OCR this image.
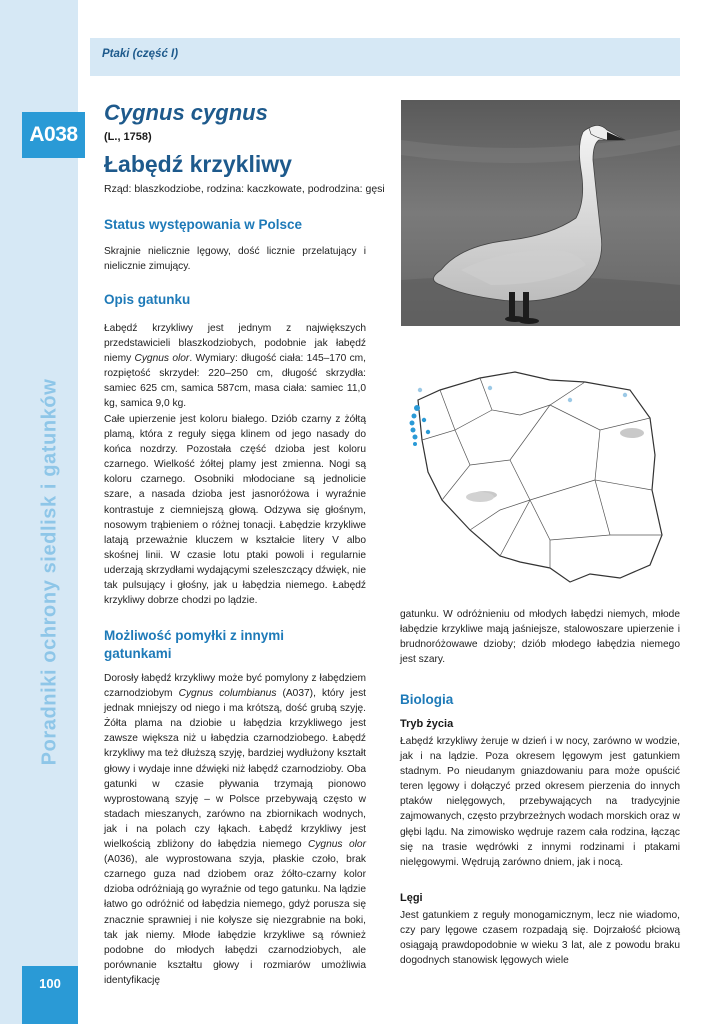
Ptaki (część I)
A038
Poradniki ochrony siedlisk i gatunków
100
Cygnus cygnus
(L., 1758)
Łabędź krzykliwy
Rząd: blaszkodziobe, rodzina: kaczkowate, podrodzina: gęsi
Status występowania w Polsce
Skrajnie nielicznie lęgowy, dość licznie przelatujący i nielicznie zimujący.
Opis gatunku
Łabędź krzykliwy jest jednym z największych przedstawicieli blaszkodziobych, podobnie jak łabędź niemy Cygnus olor. Wymiary: długość ciała: 145–170 cm, rozpiętość skrzydeł: 220–250 cm, długość skrzydła: samiec 625 cm, samica 587cm, masa ciała: samiec 11,0 kg, samica 9,0 kg.
Całe upierzenie jest koloru białego. Dziób czarny z żółtą plamą, która z reguły sięga klinem od jego nasady do końca nozdrzy. Pozostała część dzioba jest koloru czarnego. Wielkość żółtej plamy jest zmienna. Nogi są koloru czarnego. Osobniki młodociane są jednolicie szare, a nasada dzioba jest jasnoróżowa i wyraźnie kontrastuje z ciemniejszą głową. Odzywa się głośnym, nosowym trąbieniem o różnej tonacji. Łabędzie krzykliwe latają przeważnie kluczem w kształcie litery V albo skośnej linii. W czasie lotu ptaki powoli i regularnie uderzają skrzydłami wydającymi szeleszczący dźwięk, nie tak pulsujący i głośny, jak u łabędzia niemego. Łabędź krzykliwy dobrze chodzi po lądzie.
Możliwość pomyłki z innymi
gatunkami
Dorosły łabędź krzykliwy może być pomylony z łabędziem czarnodziobym Cygnus columbianus (A037), który jest jednak mniejszy od niego i ma krótszą, dość grubą szyję. Żółta plama na dziobie u łabędzia krzykliwego jest zawsze większa niż u łabędzia czarnodziobego. Łabędź krzykliwy ma też dłuższą szyję, bardziej wydłużony kształt głowy i wydaje inne dźwięki niż łabędź czarnodzioby. Oba gatunki w czasie pływania trzymają pionowo wyprostowaną szyję – w Polsce przebywają często w stadach mieszanych, zarówno na zbiornikach wodnych, jak i na polach czy łąkach. Łabędź krzykliwy jest wielkością zbliżony do łabędzia niemego Cygnus olor (A036), ale wyprostowana szyja, płaskie czoło, brak czarnego guza nad dziobem oraz żółto-czarny kolor dzioba odróżniają go wyraźnie od tego gatunku. Na lądzie łatwo go odróżnić od łabędzia niemego, gdyż porusza się znacznie sprawniej i nie kołysze się niezgrabnie na boki, tak jak niemy. Młode łabędzie krzykliwe są również podobne do młodych łabędzi czarnodziobych, ale porównanie kształtu głowy i rozmiarów umożliwia identyfikację
gatunku. W odróżnieniu od młodych łabędzi niemych, młode łabędzie krzykliwe mają jaśniejsze, stalowoszare upierzenie i brudnoróżowawe dzioby; dziób młodego łabędzia niemego jest szary.
Biologia
Tryb życia
Łabędź krzykliwy żeruje w dzień i w nocy, zarówno w wodzie, jak i na lądzie. Poza okresem lęgowym jest gatunkiem stadnym. Po nieudanym gniazdowaniu para może opuścić teren lęgowy i dołączyć przed okresem pierzenia do innych ptaków nielęgowych, przebywających na tradycyjnie zajmowanych, często przybrzeżnych wodach morskich oraz w głębi lądu. Na zimowisko wędruje razem cała rodzina, łącząc się na trasie wędrówki z innymi rodzinami i ptakami nielęgowymi. Wędrują zarówno dniem, jak i nocą.
Lęgi
Jest gatunkiem z reguły monogamicznym, lecz nie wiadomo, czy pary lęgowe czasem rozpadają się. Dojrzałość płciową osiągają prawdopodobnie w wieku 3 lat, ale z powodu braku dogodnych stanowisk lęgowych wiele
